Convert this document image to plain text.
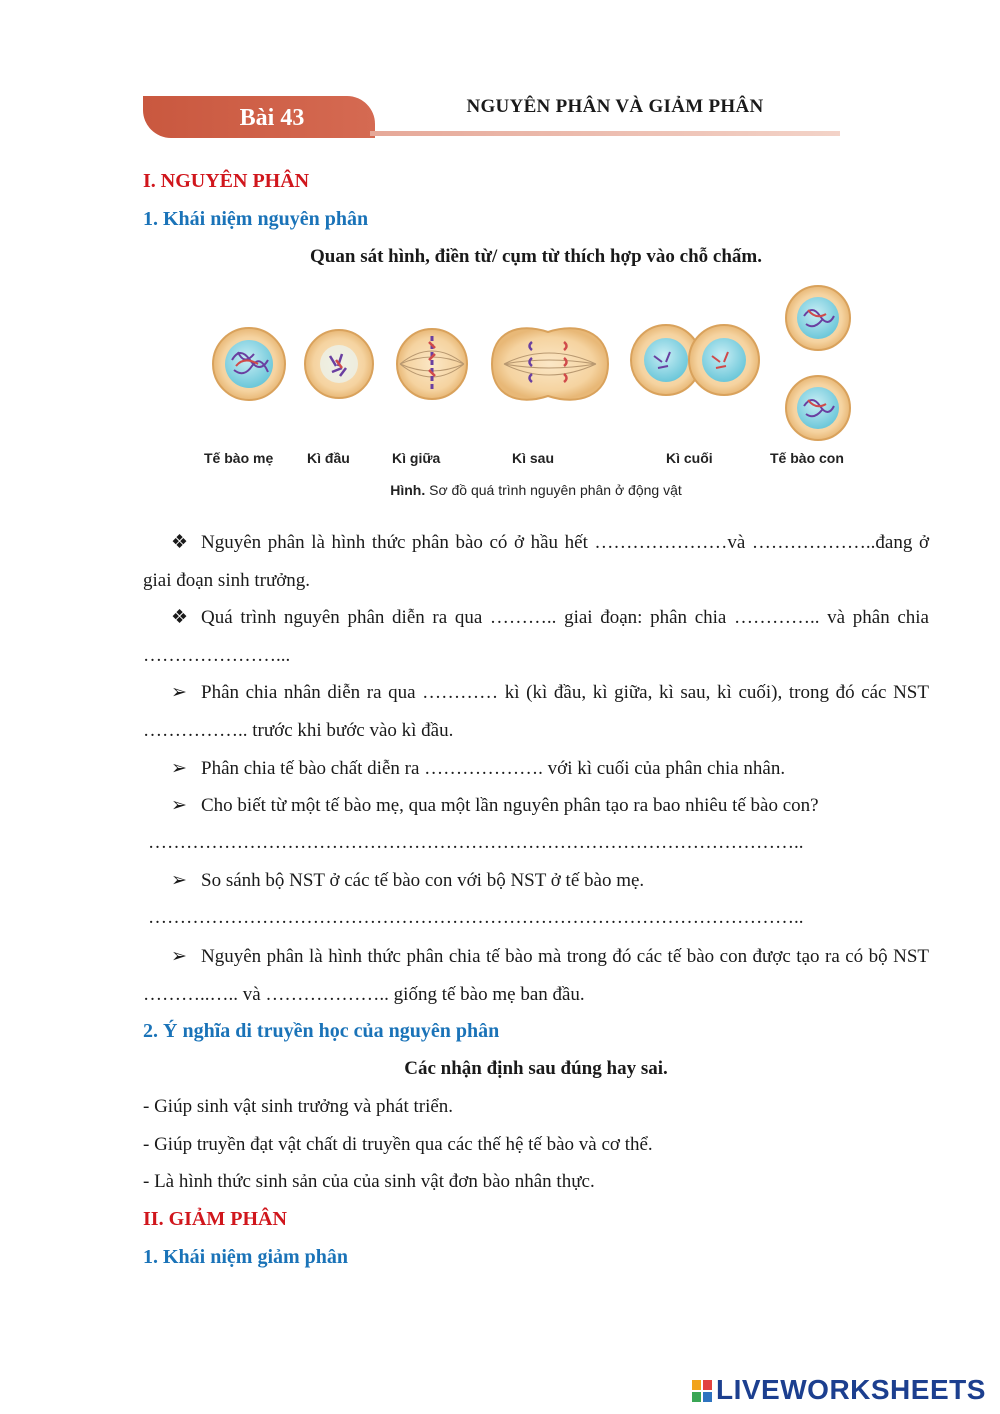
Bài 43	NGUYÊN PHÂN VÀ GIẢM PHÂN
I. NGUYÊN PHÂN
1. Khái niệm nguyên phân
Quan sát hình, điền từ/ cụm từ thích hợp vào chỗ chấm.
Tế bào mẹ Kì đầu	Kì giữa	Kì sau	Kì cuối	Tế bào con
Hình. Sơ đồ quá trình nguyên phân ở động vật
❖ Nguyên phân là hình thức phân bào có ở hầu hết …………………và ………………..đang ở giai đoạn sinh trưởng.
❖ Quá trình nguyên phân diễn ra qua ……….. giai đoạn: phân chia ………….. và phân chia …………………...
➢ Phân chia nhân diễn ra qua ………… kì (kì đầu, kì giữa, kì sau, kì cuối), trong đó các NST …………….. trước khi bước vào kì đầu.
➢ Phân chia tế bào chất diễn ra ………………. với kì cuối của phân chia nhân.
➢ Cho biết từ một tế bào mẹ, qua một lần nguyên phân tạo ra bao nhiêu tế bào con?
…………………………………………………………………………………………..
➢ So sánh bộ NST ở các tế bào con với bộ NST ở tế bào mẹ.
…………………………………………………………………………………………..
➢ Nguyên phân là hình thức phân chia tế bào mà trong đó các tế bào con được tạo ra có bộ NST ………..….. và ……………….. giống tế bào mẹ ban đầu.
2. Ý nghĩa di truyền học của nguyên phân
Các nhận định sau đúng hay sai.
- Giúp sinh vật sinh trưởng và phát triển.
- Giúp truyền đạt vật chất di truyền qua các thế hệ tế bào và cơ thể.
- Là hình thức sinh sản của của sinh vật đơn bào nhân thực.
II. GIẢM PHÂN
1. Khái niệm giảm phân
LIVEWORKSHEETS
